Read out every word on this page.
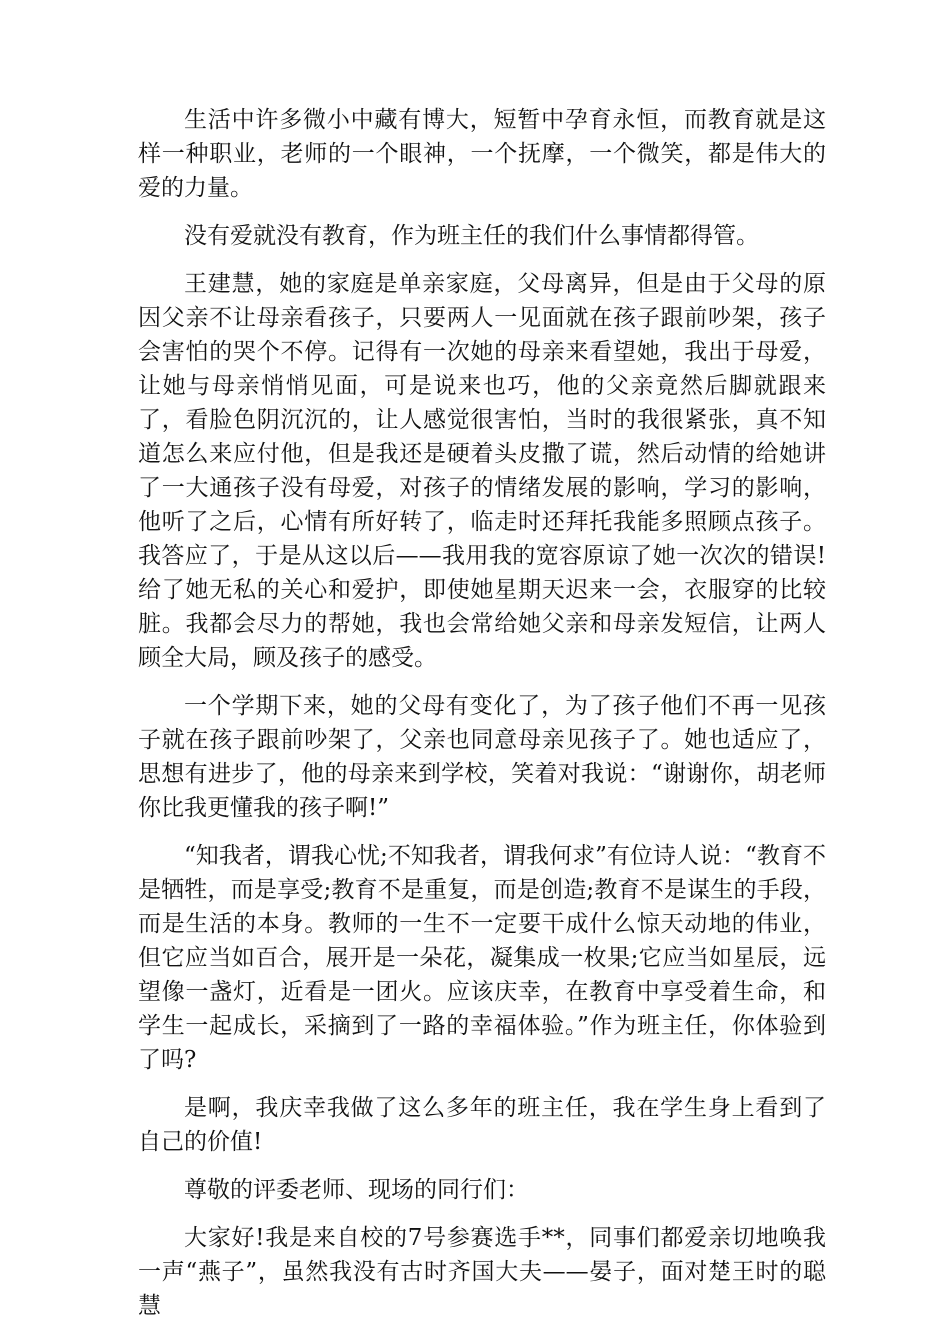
生活中许多微小中藏有博大，短暂中孕育永恒，而教育就是这样一种职业，老师的一个眼神，一个抚摩，一个微笑，都是伟大的爱的力量。

没有爱就没有教育，作为班主任的我们什么事情都得管。

王建慧，她的家庭是单亲家庭，父母离异，但是由于父母的原因父亲不让母亲看孩子，只要两人一见面就在孩子跟前吵架，孩子会害怕的哭个不停。记得有一次她的母亲来看望她，我出于母爱，让她与母亲悄悄见面，可是说来也巧，他的父亲竟然后脚就跟来了，看脸色阴沉沉的，让人感觉很害怕，当时的我很紧张，真不知道怎么来应付他，但是我还是硬着头皮撒了谎，然后动情的给她讲了一大通孩子没有母爱，对孩子的情绪发展的影响，学习的影响，他听了之后，心情有所好转了，临走时还拜托我能多照顾点孩子。我答应了，于是从这以后——我用我的宽容原谅了她一次次的错误!给了她无私的关心和爱护，即使她星期天迟来一会，衣服穿的比较脏。我都会尽力的帮她，我也会常给她父亲和母亲发短信，让两人顾全大局，顾及孩子的感受。

一个学期下来，她的父母有变化了，为了孩子他们不再一见孩子就在孩子跟前吵架了，父亲也同意母亲见孩子了。她也适应了，思想有进步了，他的母亲来到学校，笑着对我说：“谢谢你，胡老师你比我更懂我的孩子啊!”

“知我者，谓我心忧;不知我者，谓我何求”有位诗人说：“教育不是牺牲，而是享受;教育不是重复，而是创造;教育不是谋生的手段，而是生活的本身。教师的一生不一定要干成什么惊天动地的伟业，但它应当如百合，展开是一朵花，凝集成一枚果;它应当如星辰，远望像一盏灯，近看是一团火。应该庆幸，在教育中享受着生命，和学生一起成长，采摘到了一路的幸福体验。”作为班主任，你体验到了吗?

是啊，我庆幸我做了这么多年的班主任，我在学生身上看到了自己的价值!

尊敬的评委老师、现场的同行们：

大家好!我是来自校的7号参赛选手**，同事们都爱亲切地唤我一声“燕子”，虽然我没有古时齐国大夫——晏子，面对楚王时的聪慧
